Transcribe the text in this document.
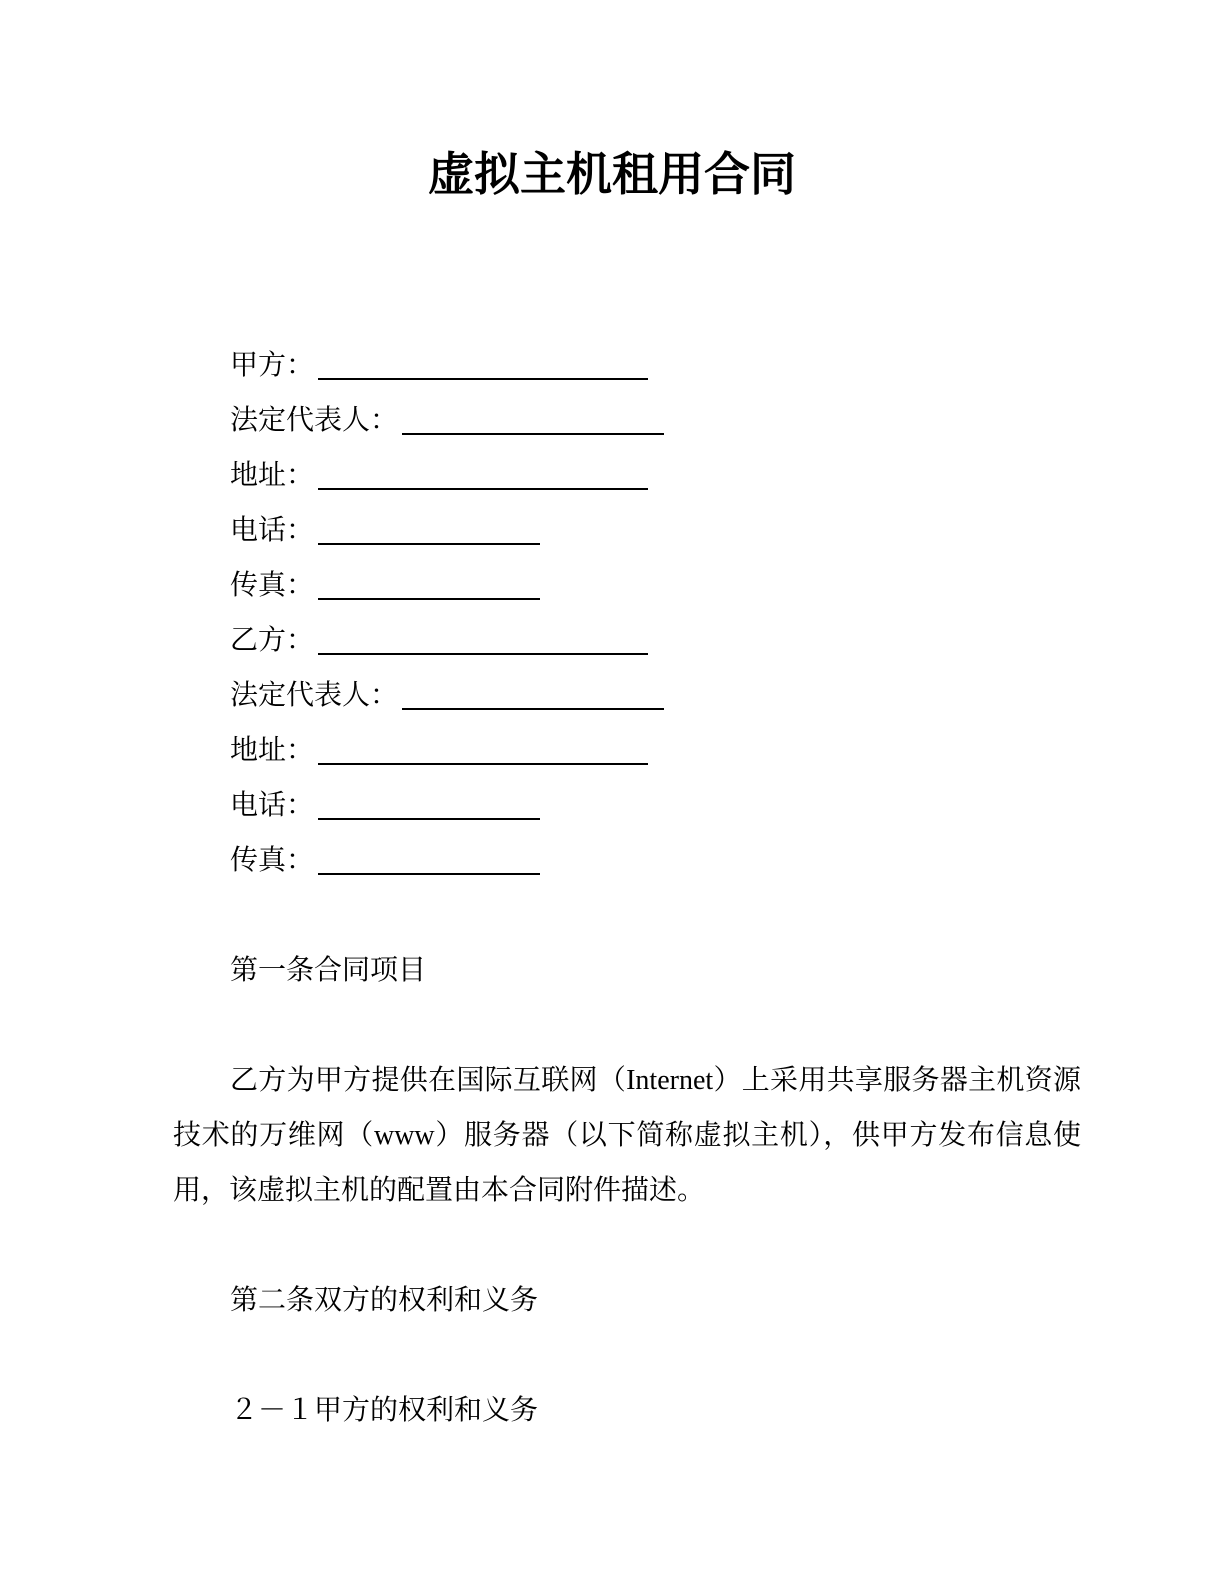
虚拟主机租用合同
甲方：
法定代表人：
地址：
电话：
传真：
乙方：
法定代表人：
地址：
电话：
传真：
第一条合同项目

乙方为甲方提供在国际互联网（Internet）上采用共享服务器主机资源技术的万维网（www）服务器（以下简称虚拟主机），供甲方发布信息使用，该虚拟主机的配置由本合同附件描述。

第二条双方的权利和义务
２－１甲方的权利和义务
